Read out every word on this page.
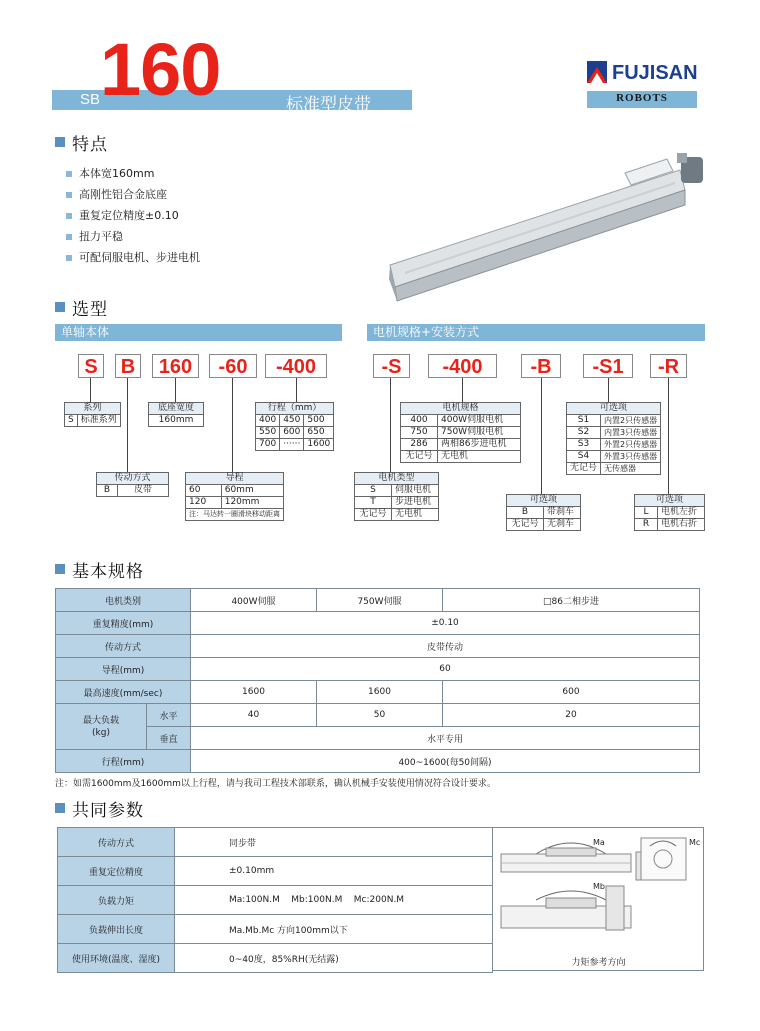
SB 160	标准型皮带
FUJISAN
ROBOTS
特点
本体宽160mm
高刚性铝合金底座
重复定位精度±0.10
扭力平稳
可配伺服电机、步进电机
选型
单轴本体	电机规格+安装方式
S	B	160	-60	-400	-S	-400	-B	-S1	-R
系列
S	标准系列
底座宽度
160mm
行程（mm）		
400	450	500
550	600	650
700	······	1600
传动方式
B	皮带
导程	
60	60mm
120	120mm
注：马达转一圈滑块移动距离	
电机规格	
400	400W伺服电机
750	750W伺服电机
286	两相86步进电机
无记号	无电机
电机类型	
S	伺服电机
T	步进电机
无记号	无电机
可选项	
B	带刹车
无记号	无刹车
可选项	
S1	内置2只传感器
S2	内置3只传感器
S3	外置2只传感器
S4	外置3只传感器
无记号	无传感器
可选项	
L	电机左折
R	电机右折
基本规格
电机类别		400W伺服	750W伺服	□86二相步进
重复精度(mm)		±0.10		
传动方式		皮带传动		
导程(mm)		60		
最高速度(mm/sec)		1600	1600	600

最大负载
(kg)	水平	40	50	20
	垂直	水平专用		
行程(mm)		400~1600(每50间隔)		
注：如需1600mm及1600mm以上行程，请与我司工程技术部联系，确认机械手安装使用情况符合设计要求。
共同参数
传动方式	同步带
重复定位精度	±0.10mm
负载力矩	Ma:100N.M    Mb:100N.M    Mc:200N.M
负载伸出长度	Ma.Mb.Mc 方向100mm以下
使用环境(温度、湿度)	0~40度，85%RH(无结露)
Ma	Mc
Mb
力矩参考方向
